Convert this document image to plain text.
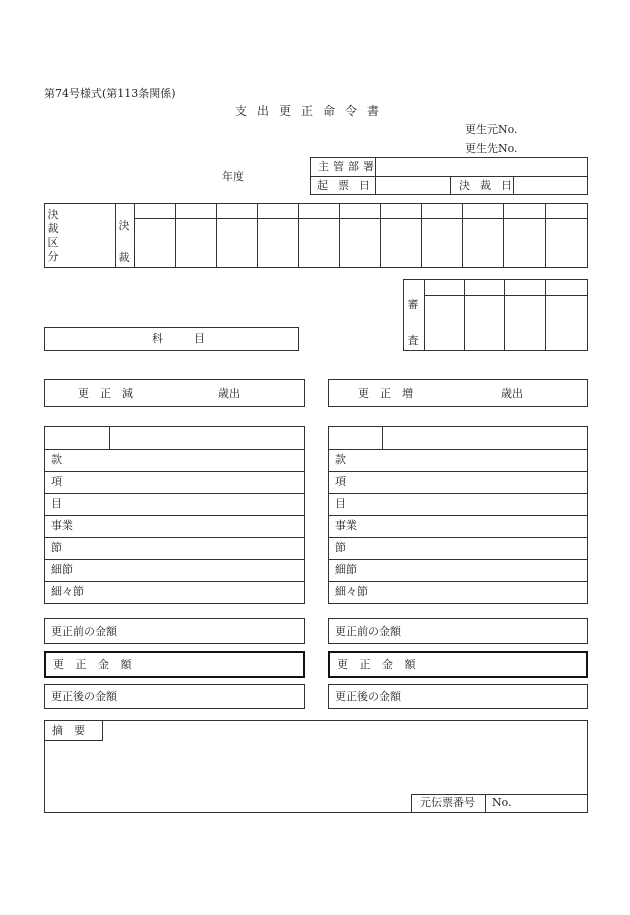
第74号様式(第113条関係)
支出更正命令書
更生元No.
更生先No.
年度
主管部署
起票日	決裁日
決裁区分
決裁
審査
科　目
更　正　減	歳出
款
項
目
事業
節
細節
細々節
更正前の金額
更 正 金 額
更正後の金額
更　正　増	歳出
款
項
目
事業
節
細節
細々節
更正前の金額
更 正 金 額
更正後の金額
摘　要
元伝票番号 No.
